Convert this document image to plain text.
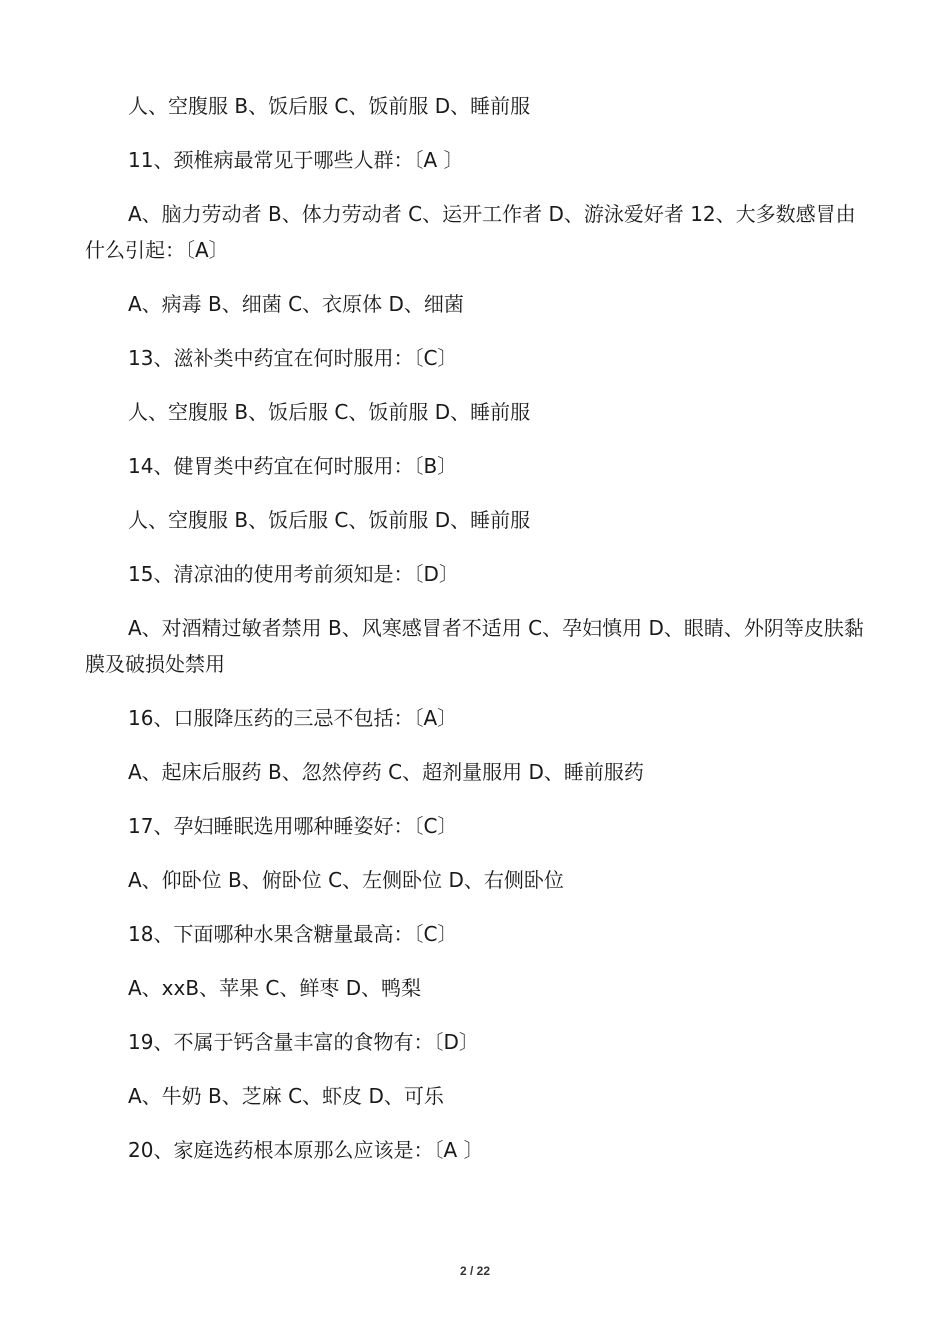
人、空腹服 B、饭后服 C、饭前服 D、睡前服

11、颈椎病最常见于哪些人群：〔A 〕

A、脑力劳动者 B、体力劳动者 C、运开工作者 D、游泳爱好者 12、大多数感冒由什么引起：〔A〕

A、病毒 B、细菌 C、衣原体 D、细菌

13、滋补类中药宜在何时服用：〔C〕

人、空腹服 B、饭后服 C、饭前服 D、睡前服

14、健胃类中药宜在何时服用：〔B〕

人、空腹服 B、饭后服 C、饭前服 D、睡前服

15、清凉油的使用考前须知是：〔D〕

A、对酒精过敏者禁用 B、风寒感冒者不适用 C、孕妇慎用 D、眼睛、外阴等皮肤黏膜及破损处禁用

16、口服降压药的三忌不包括：〔A〕

A、起床后服药 B、忽然停药 C、超剂量服用 D、睡前服药

17、孕妇睡眠选用哪种睡姿好：〔C〕

A、仰卧位 B、俯卧位 C、左侧卧位 D、右侧卧位

18、下面哪种水果含糖量最高：〔C〕

A、xxB、苹果 C、鲜枣 D、鸭梨

19、不属于钙含量丰富的食物有：〔D〕

A、牛奶 B、芝麻 C、虾皮 D、可乐

20、家庭选药根本原那么应该是：〔A 〕

2 / 22
